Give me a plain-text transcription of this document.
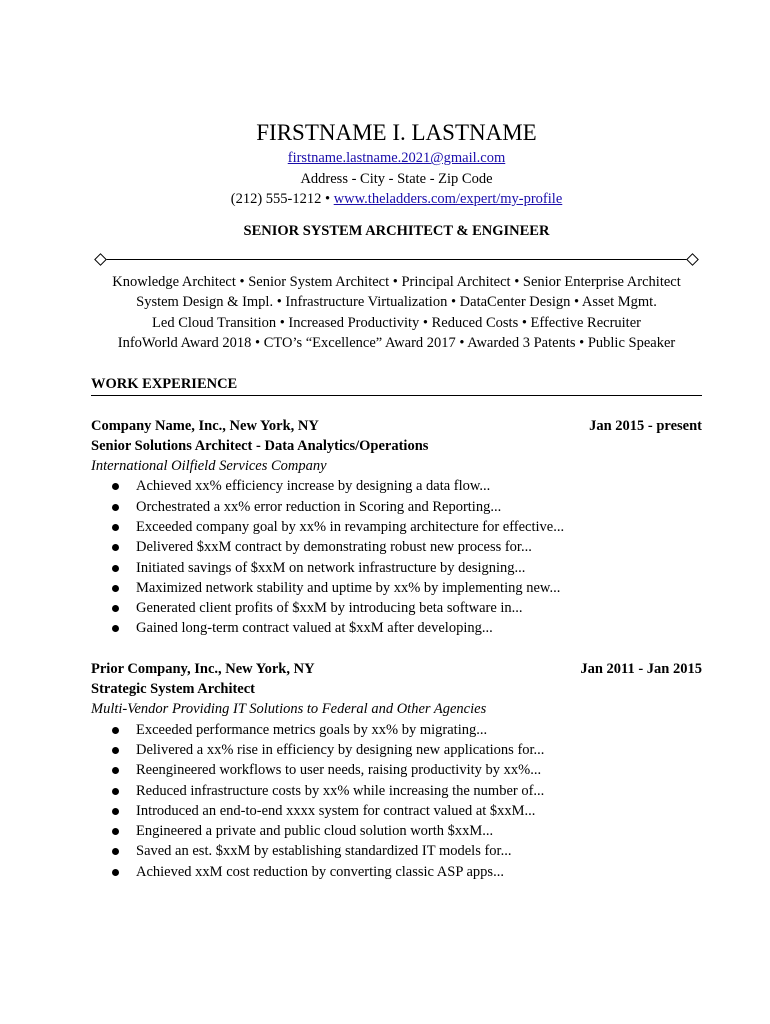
FIRSTNAME I. LASTNAME
firstname.lastname.2021@gmail.com
Address - City - State - Zip Code
(212) 555-1212 • www.theladders.com/expert/my-profile
SENIOR SYSTEM ARCHITECT & ENGINEER
Knowledge Architect • Senior System Architect • Principal Architect • Senior Enterprise Architect
System Design & Impl. • Infrastructure Virtualization • DataCenter Design • Asset Mgmt.
Led Cloud Transition • Increased Productivity • Reduced Costs • Effective Recruiter
InfoWorld Award 2018 • CTO’s “Excellence” Award 2017 • Awarded 3 Patents • Public Speaker
WORK EXPERIENCE
Company Name, Inc., New York, NY	Jan 2015 - present
Senior Solutions Architect - Data Analytics/Operations
International Oilfield Services Company
Achieved xx% efficiency increase by designing a data flow...
Orchestrated a xx% error reduction in Scoring and Reporting...
Exceeded company goal by xx% in revamping architecture for effective...
Delivered $xxM contract by demonstrating robust new process for...
Initiated savings of $xxM on network infrastructure by designing...
Maximized network stability and uptime by xx% by implementing new...
Generated client profits of $xxM by introducing beta software in...
Gained long-term contract valued at $xxM after developing...
Prior Company, Inc., New York, NY	Jan 2011 - Jan 2015
Strategic System Architect
Multi-Vendor Providing IT Solutions to Federal and Other Agencies
Exceeded performance metrics goals by xx% by migrating...
Delivered a xx% rise in efficiency by designing new applications for...
Reengineered workflows to user needs, raising productivity by xx%...
Reduced infrastructure costs by xx% while increasing the number of...
Introduced an end-to-end xxxx system for contract valued at $xxM...
Engineered a private and public cloud solution worth $xxM...
Saved an est. $xxM by establishing standardized IT models for...
Achieved xxM cost reduction by converting classic ASP apps...
